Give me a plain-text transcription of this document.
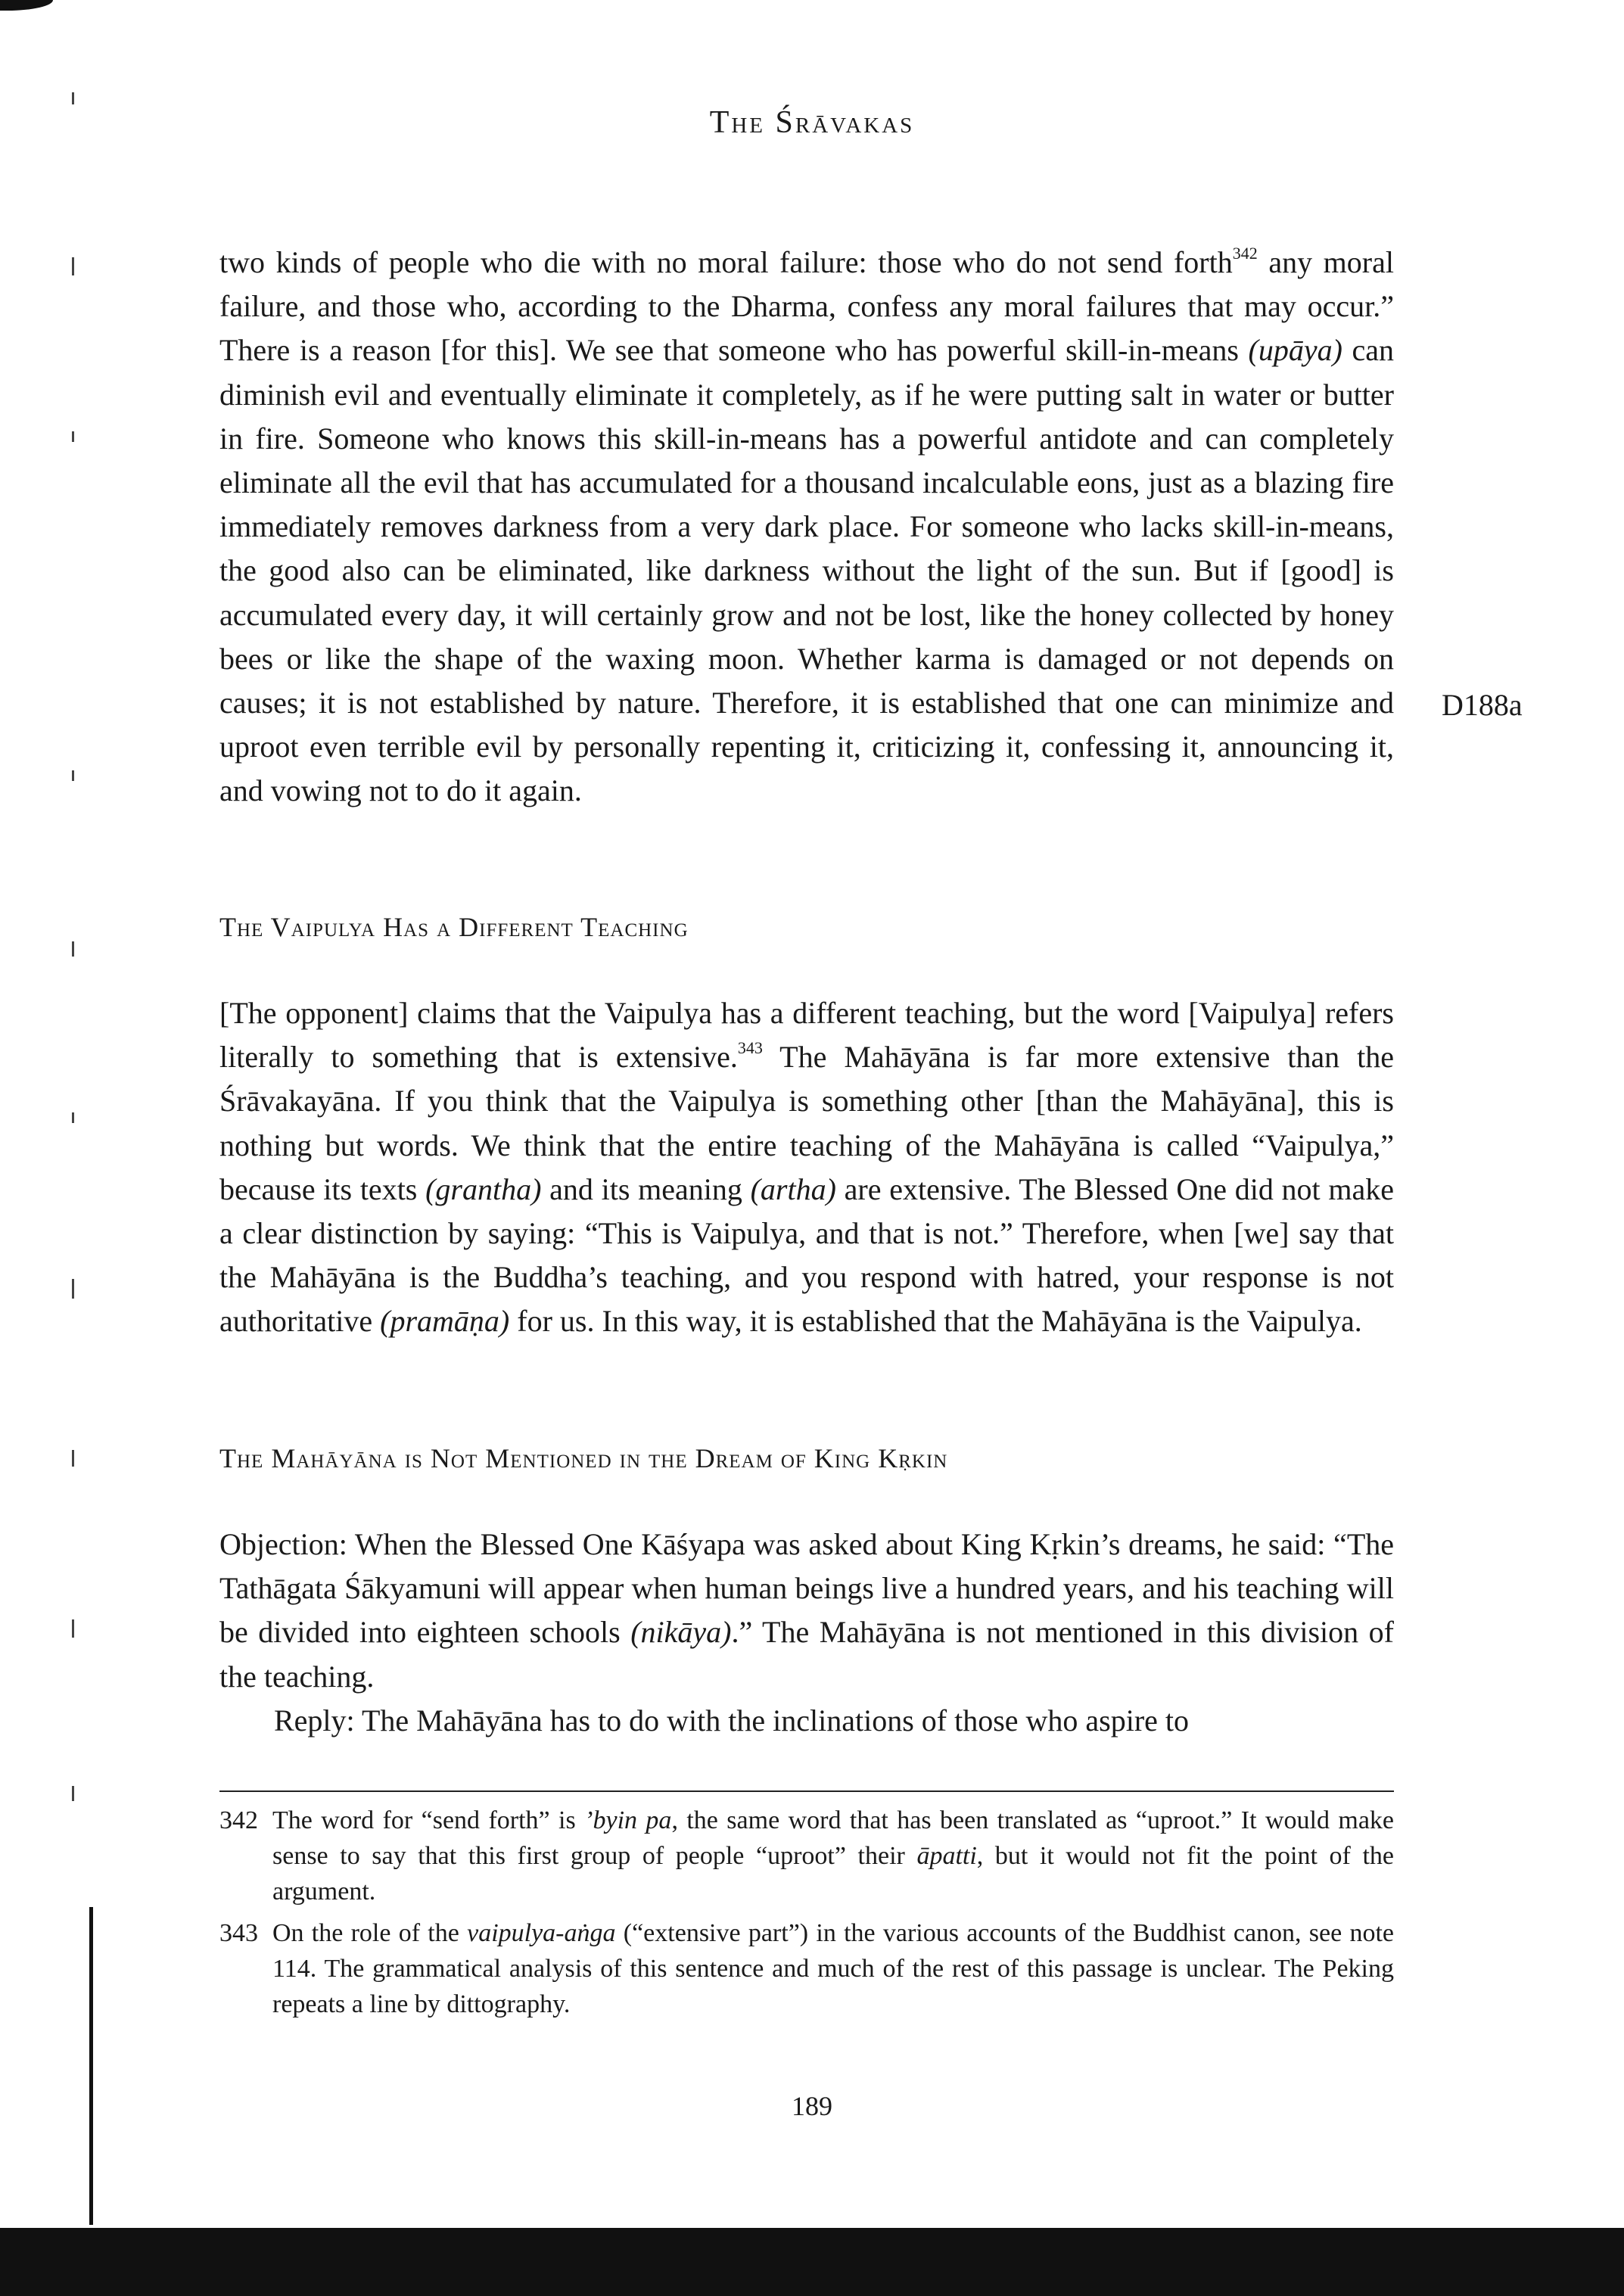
The Śrāvakas
D188a

two kinds of people who die with no moral failure: those who do not send forth$^{342}$ any moral failure, and those who, according to the Dharma, confess any moral failures that may occur.” There is a reason [for this]. We see that someone who has powerful skill-in-means (upāya) can diminish evil and eventually eliminate it completely, as if he were putting salt in water or butter in fire. Someone who knows this skill-in-means has a powerful antidote and can completely eliminate all the evil that has accumulated for a thousand incalculable eons, just as a blazing fire immediately removes darkness from a very dark place. For someone who lacks skill-in-means, the good also can be eliminated, like darkness without the light of the sun. But if [good] is accumulated every day, it will certainly grow and not be lost, like the honey collected by honey bees or like the shape of the waxing moon. Whether karma is damaged or not depends on causes; it is not established by nature. Therefore, it is established that one can minimize and uproot even terrible evil by personally repenting it, criticizing it, confessing it, announcing it, and vowing not to do it again.

The Vaipulya Has a Different Teaching

[The opponent] claims that the Vaipulya has a different teaching, but the word [Vaipulya] refers literally to something that is extensive.$^{343}$ The Mahāyāna is far more extensive than the Śrāvakayāna. If you think that the Vaipulya is something other [than the Mahāyāna], this is nothing but words. We think that the entire teaching of the Mahāyāna is called “Vaipulya,” because its texts (grantha) and its meaning (artha) are extensive. The Blessed One did not make a clear distinction by saying: “This is Vaipulya, and that is not.” Therefore, when [we] say that the Mahāyāna is the Buddha’s teaching, and you respond with hatred, your response is not authoritative (pramāṇa) for us. In this way, it is established that the Mahāyāna is the Vaipulya.

The Mahāyāna is Not Mentioned in the Dream of King Kṛkin

Objection: When the Blessed One Kāśyapa was asked about King Kṛkin’s dreams, he said: “The Tathāgata Śākyamuni will appear when human beings live a hundred years, and his teaching will be divided into eighteen schools (nikāya).” The Mahāyāna is not mentioned in this division of the teaching.

Reply: The Mahāyāna has to do with the inclinations of those who aspire to

342 The word for “send forth” is ’byin pa, the same word that has been translated as “uproot.” It would make sense to say that this first group of people “uproot” their āpatti, but it would not fit the point of the argument.
343 On the role of the vaipulya-aṅga (“extensive part”) in the various accounts of the Buddhist canon, see note 114. The grammatical analysis of this sentence and much of the rest of this passage is unclear. The Peking repeats a line by dittography.
189
